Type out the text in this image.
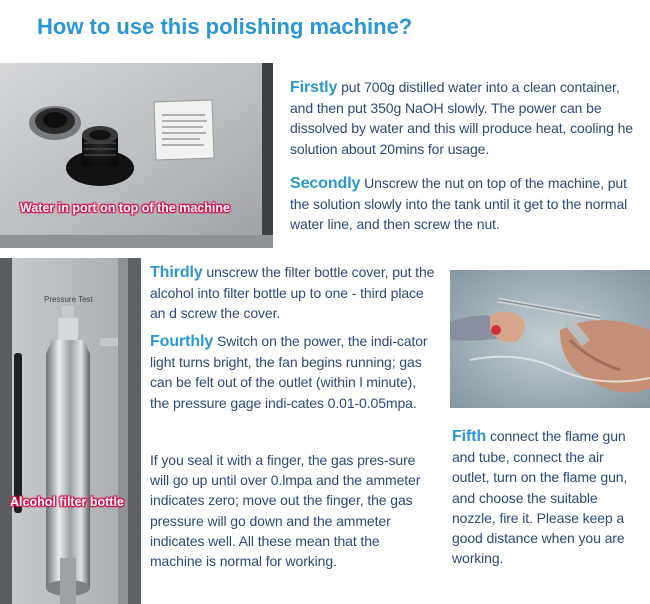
How to use this polishing machine?
Water in port on top of the machine
Pressure Test
Alcohol filter bottle
Firstly put 700g distilled water into a clean container, and then put 350g NaOH slowly. The power can be dissolved by water and this will produce heat, cooling he solution about 20mins for usage.
Secondly Unscrew the nut on top of the machine, put the solution slowly into the tank until it get to the normal water line, and then screw the nut.
Thirdly unscrew the filter bottle cover, put the alcohol into filter bottle up to one - third place an d screw the cover.
Fourthly Switch on the power, the indi-cator light turns bright, the fan begins running; gas can be felt out of the outlet (within l minute), the pressure gage indi-cates 0.01-0.05mpa.
If you seal it with a finger, the gas pres-sure will go up until over 0.lmpa and the ammeter indicates zero; move out the finger, the gas pressure will go down and the ammeter indicates well. All these mean that the machine is normal for working.
Fifth connect the flame gun and tube, connect the air outlet, turn on the flame gun, and choose the suitable nozzle, fire it. Please keep a good distance when you are working.
